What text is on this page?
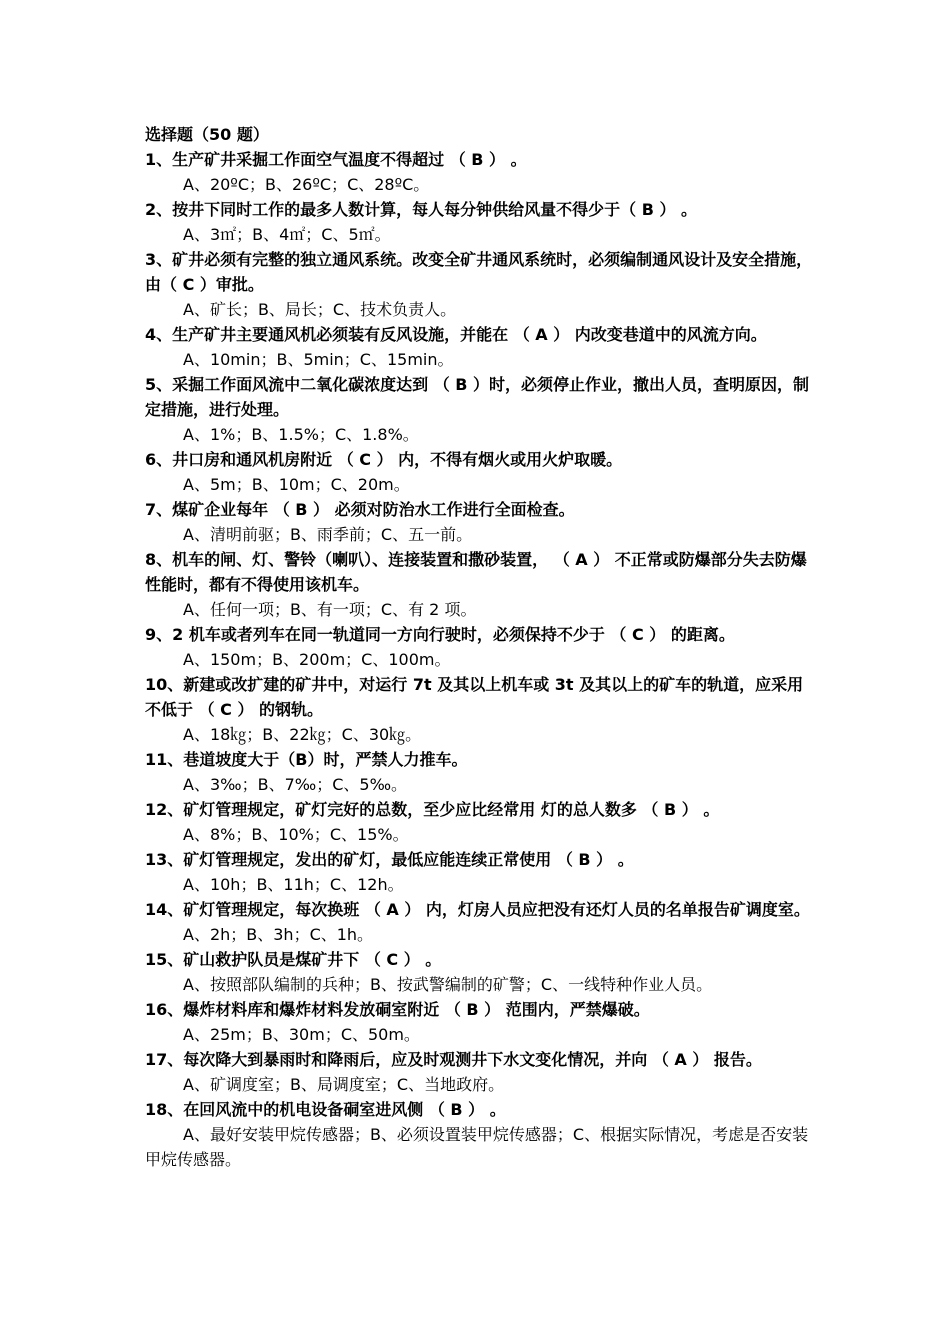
选择题（50 题）
1、生产矿井采掘工作面空气温度不得超过 （ B ） 。
A、20ºC；B、26ºC；C、28ºC。
2、按井下同时工作的最多人数计算，每人每分钟供给风量不得少于（ B ） 。
A、3㎡；B、4㎡；C、5㎡。
3、矿井必须有完整的独立通风系统。改变全矿井通风系统时，必须编制通风设计及安全措施，由（ C ）审批。
A、矿长；B、局长；C、技术负责人。
4、生产矿井主要通风机必须装有反风设施，并能在 （ A ） 内改变巷道中的风流方向。
A、10min；B、5min；C、15min。
5、采掘工作面风流中二氧化碳浓度达到 （ B ）时，必须停止作业，撤出人员，查明原因，制定措施，进行处理。
A、1%；B、1.5%；C、1.8%。
6、井口房和通风机房附近 （ C ） 内，不得有烟火或用火炉取暖。
A、5m；B、10m；C、20m。
7、煤矿企业每年 （ B ） 必须对防治水工作进行全面检查。
A、清明前驱；B、雨季前；C、五一前。
8、机车的闸、灯、警铃（喇叭）、连接装置和撒砂装置， （ A ） 不正常或防爆部分失去防爆性能时，都有不得使用该机车。
A、任何一项；B、有一项；C、有 2 项。
9、2 机车或者列车在同一轨道同一方向行驶时，必须保持不少于 （ C ） 的距离。
A、150m；B、200m；C、100m。
10、新建或改扩建的矿井中，对运行 7t 及其以上机车或 3t 及其以上的矿车的轨道，应采用不低于 （ C ） 的钢轨。
A、18㎏；B、22㎏；C、30㎏。
11、巷道坡度大于（B）时，严禁人力推车。
A、3‰；B、7‰；C、5‰。
12、矿灯管理规定，矿灯完好的总数，至少应比经常用 灯的总人数多 （ B ） 。
A、8%；B、10%；C、15%。
13、矿灯管理规定，发出的矿灯，最低应能连续正常使用 （ B ） 。
A、10h；B、11h；C、12h。
14、矿灯管理规定，每次换班 （ A ） 内，灯房人员应把没有还灯人员的名单报告矿调度室。
A、2h；B、3h；C、1h。
15、矿山救护队员是煤矿井下 （ C ） 。
A、按照部队编制的兵种；B、按武警编制的矿警；C、一线特种作业人员。
16、爆炸材料库和爆炸材料发放硐室附近 （ B ） 范围内，严禁爆破。
A、25m；B、30m；C、50m。
17、每次降大到暴雨时和降雨后，应及时观测井下水文变化情况，并向 （ A ） 报告。
A、矿调度室；B、局调度室；C、当地政府。
18、在回风流中的机电设备硐室进风侧 （ B ） 。
A、最好安装甲烷传感器；B、必须设置装甲烷传感器；C、根据实际情况，考虑是否安装甲烷传感器。
